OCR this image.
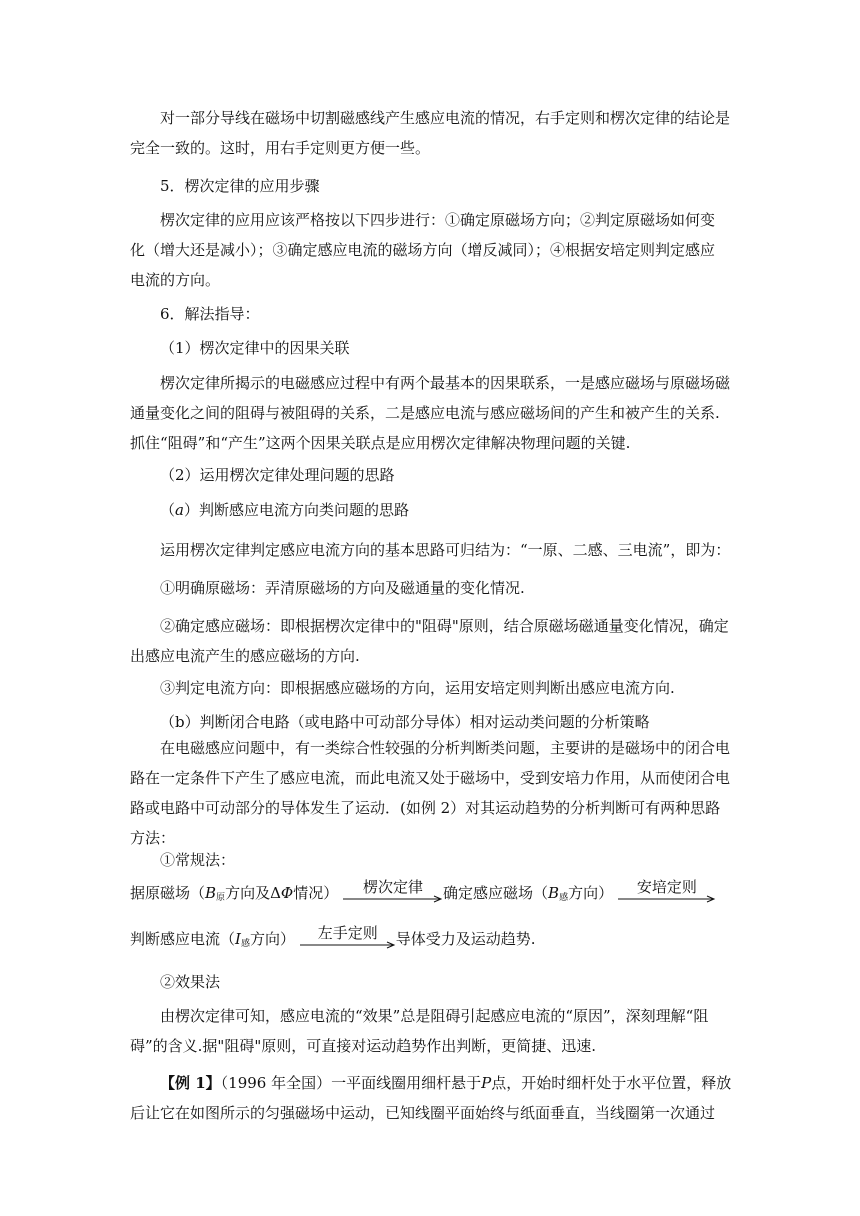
对一部分导线在磁场中切割磁感线产生感应电流的情况，右手定则和楞次定律的结论是
完全一致的。这时，用右手定则更方便一些。
5．楞次定律的应用步骤
楞次定律的应用应该严格按以下四步进行：①确定原磁场方向；②判定原磁场如何变
化（增大还是减小）；③确定感应电流的磁场方向（增反减同）；④根据安培定则判定感应
电流的方向。
6．解法指导：
（1）楞次定律中的因果关联
楞次定律所揭示的电磁感应过程中有两个最基本的因果联系，一是感应磁场与原磁场磁
通量变化之间的阻碍与被阻碍的关系，二是感应电流与感应磁场间的产生和被产生的关系.
抓住“阻碍”和“产生”这两个因果关联点是应用楞次定律解决物理问题的关键.
（2）运用楞次定律处理问题的思路
（a）判断感应电流方向类问题的思路
运用楞次定律判定感应电流方向的基本思路可归结为：“一原、二感、三电流”，即为：
①明确原磁场：弄清原磁场的方向及磁通量的变化情况.
②确定感应磁场：即根据楞次定律中的"阻碍"原则，结合原磁场磁通量变化情况，确定
出感应电流产生的感应磁场的方向.
③判定电流方向：即根据感应磁场的方向，运用安培定则判断出感应电流方向.
（b）判断闭合电路（或电路中可动部分导体）相对运动类问题的分析策略
在电磁感应问题中，有一类综合性较强的分析判断类问题，主要讲的是磁场中的闭合电
路在一定条件下产生了感应电流，而此电流又处于磁场中，受到安培力作用，从而使闭合电
路或电路中可动部分的导体发生了运动．(如例 2）对其运动趋势的分析判断可有两种思路
方法：
①常规法：
据原磁场（$B_原$方向及ΔΦ情况）	楞次定律	确定感应磁场（$B_感$方向）	安培定则
判断感应电流（$I_感$方向）	左手定则	导体受力及运动趋势.
②效果法
由楞次定律可知，感应电流的“效果”总是阻碍引起感应电流的“原因”，深刻理解“阻
碍”的含义.据"阻碍"原则，可直接对运动趋势作出判断，更简捷、迅速.
【例 1】（1996 年全国）一平面线圈用细杆悬于P点，开始时细杆处于水平位置，释放
后让它在如图所示的匀强磁场中运动，已知线圈平面始终与纸面垂直，当线圈第一次通过
